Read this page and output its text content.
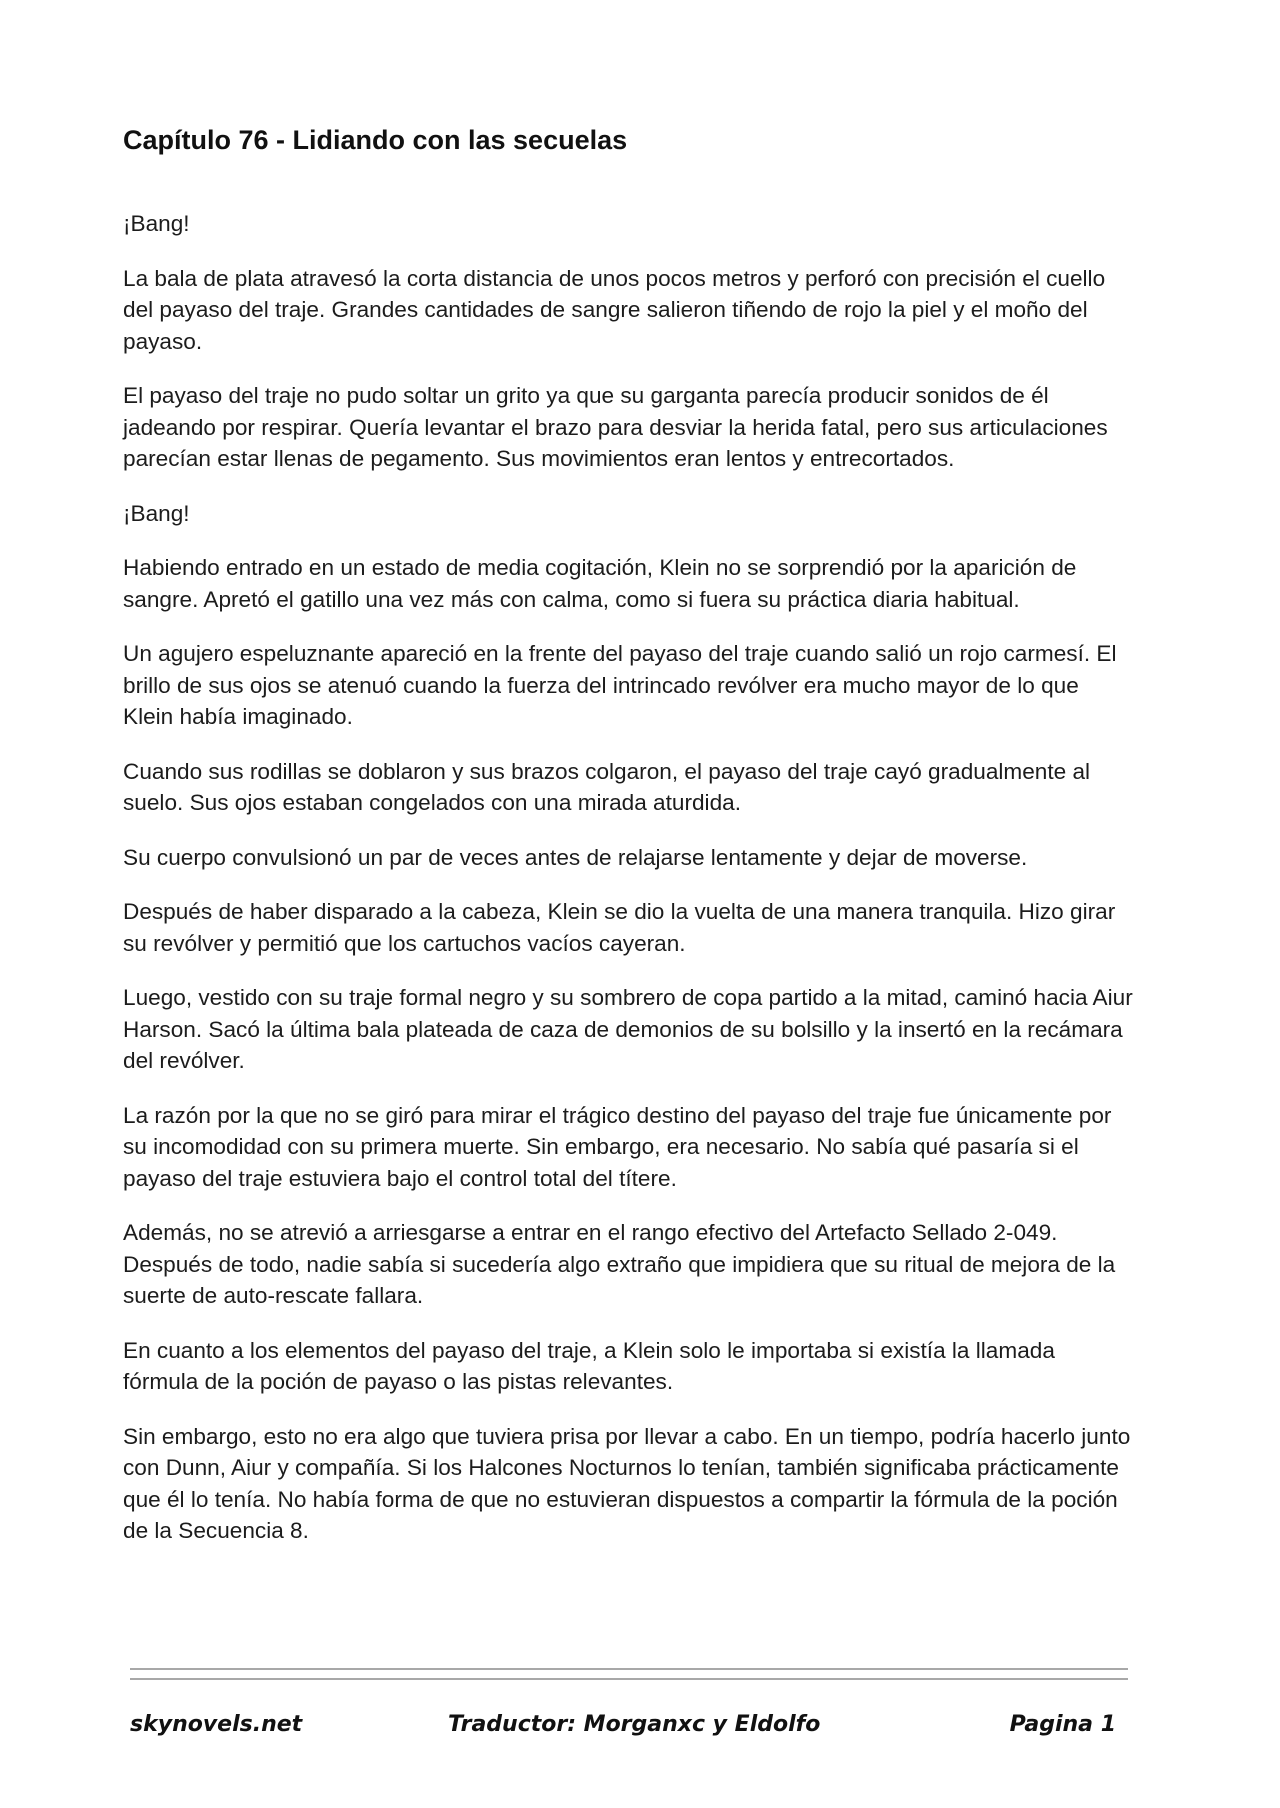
Capítulo 76 - Lidiando con las secuelas

¡Bang!

La bala de plata atravesó la corta distancia de unos pocos metros y perforó con precisión el cuello del payaso del traje. Grandes cantidades de sangre salieron tiñendo de rojo la piel y el moño del payaso.

El payaso del traje no pudo soltar un grito ya que su garganta parecía producir sonidos de él jadeando por respirar. Quería levantar el brazo para desviar la herida fatal, pero sus articulaciones parecían estar llenas de pegamento. Sus movimientos eran lentos y entrecortados.

¡Bang!

Habiendo entrado en un estado de media cogitación, Klein no se sorprendió por la aparición de sangre. Apretó el gatillo una vez más con calma, como si fuera su práctica diaria habitual.

Un agujero espeluznante apareció en la frente del payaso del traje cuando salió un rojo carmesí. El brillo de sus ojos se atenuó cuando la fuerza del intrincado revólver era mucho mayor de lo que Klein había imaginado.

Cuando sus rodillas se doblaron y sus brazos colgaron, el payaso del traje cayó gradualmente al suelo. Sus ojos estaban congelados con una mirada aturdida.

Su cuerpo convulsionó un par de veces antes de relajarse lentamente y dejar de moverse.

Después de haber disparado a la cabeza, Klein se dio la vuelta de una manera tranquila. Hizo girar su revólver y permitió que los cartuchos vacíos cayeran.

Luego, vestido con su traje formal negro y su sombrero de copa partido a la mitad, caminó hacia Aiur Harson. Sacó la última bala plateada de caza de demonios de su bolsillo y la insertó en la recámara del revólver.

La razón por la que no se giró para mirar el trágico destino del payaso del traje fue únicamente por su incomodidad con su primera muerte. Sin embargo, era necesario. No sabía qué pasaría si el payaso del traje estuviera bajo el control total del títere.

Además, no se atrevió a arriesgarse a entrar en el rango efectivo del Artefacto Sellado 2-049. Después de todo, nadie sabía si sucedería algo extraño que impidiera que su ritual de mejora de la suerte de auto-rescate fallara.

En cuanto a los elementos del payaso del traje, a Klein solo le importaba si existía la llamada fórmula de la poción de payaso o las pistas relevantes.

Sin embargo, esto no era algo que tuviera prisa por llevar a cabo. En un tiempo, podría hacerlo junto con Dunn, Aiur y compañía. Si los Halcones Nocturnos lo tenían, también significaba prácticamente que él lo tenía. No había forma de que no estuvieran dispuestos a compartir la fórmula de la poción de la Secuencia 8.

skynovels.net	Traductor: Morganxc y Eldolfo	Pagina 1
